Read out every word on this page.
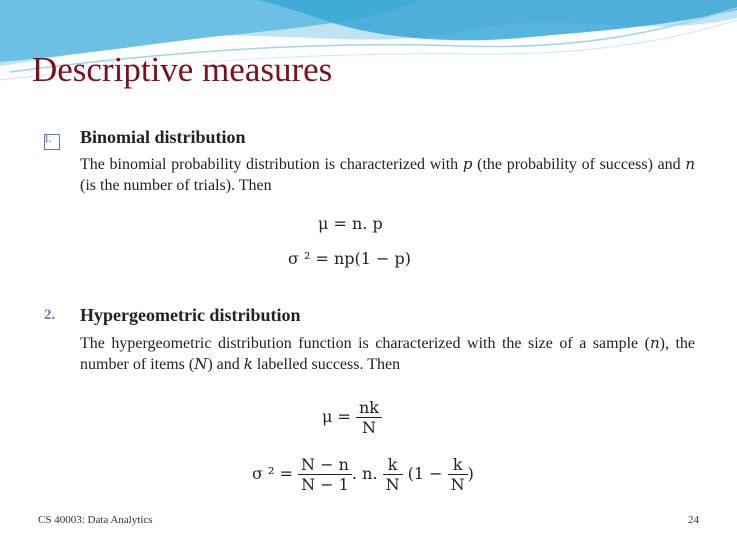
Descriptive measures
1. Binomial distribution
The binomial probability distribution is characterized with p (the probability of success) and n (is the number of trials). Then
μ = n. p
σ ² = np(1 − p)
2. Hypergeometric distribution
The hypergeometric distribution function is characterized with the size of a sample (n), the number of items (N) and k labelled success. Then
$\mu = \frac{nk}{N}$
σ $^2 = \frac{N - n}{N - 1}$ . n. $\frac{k}{N} (1 - \frac{k}{N}$ )
CS 40003: Data Analytics	24
